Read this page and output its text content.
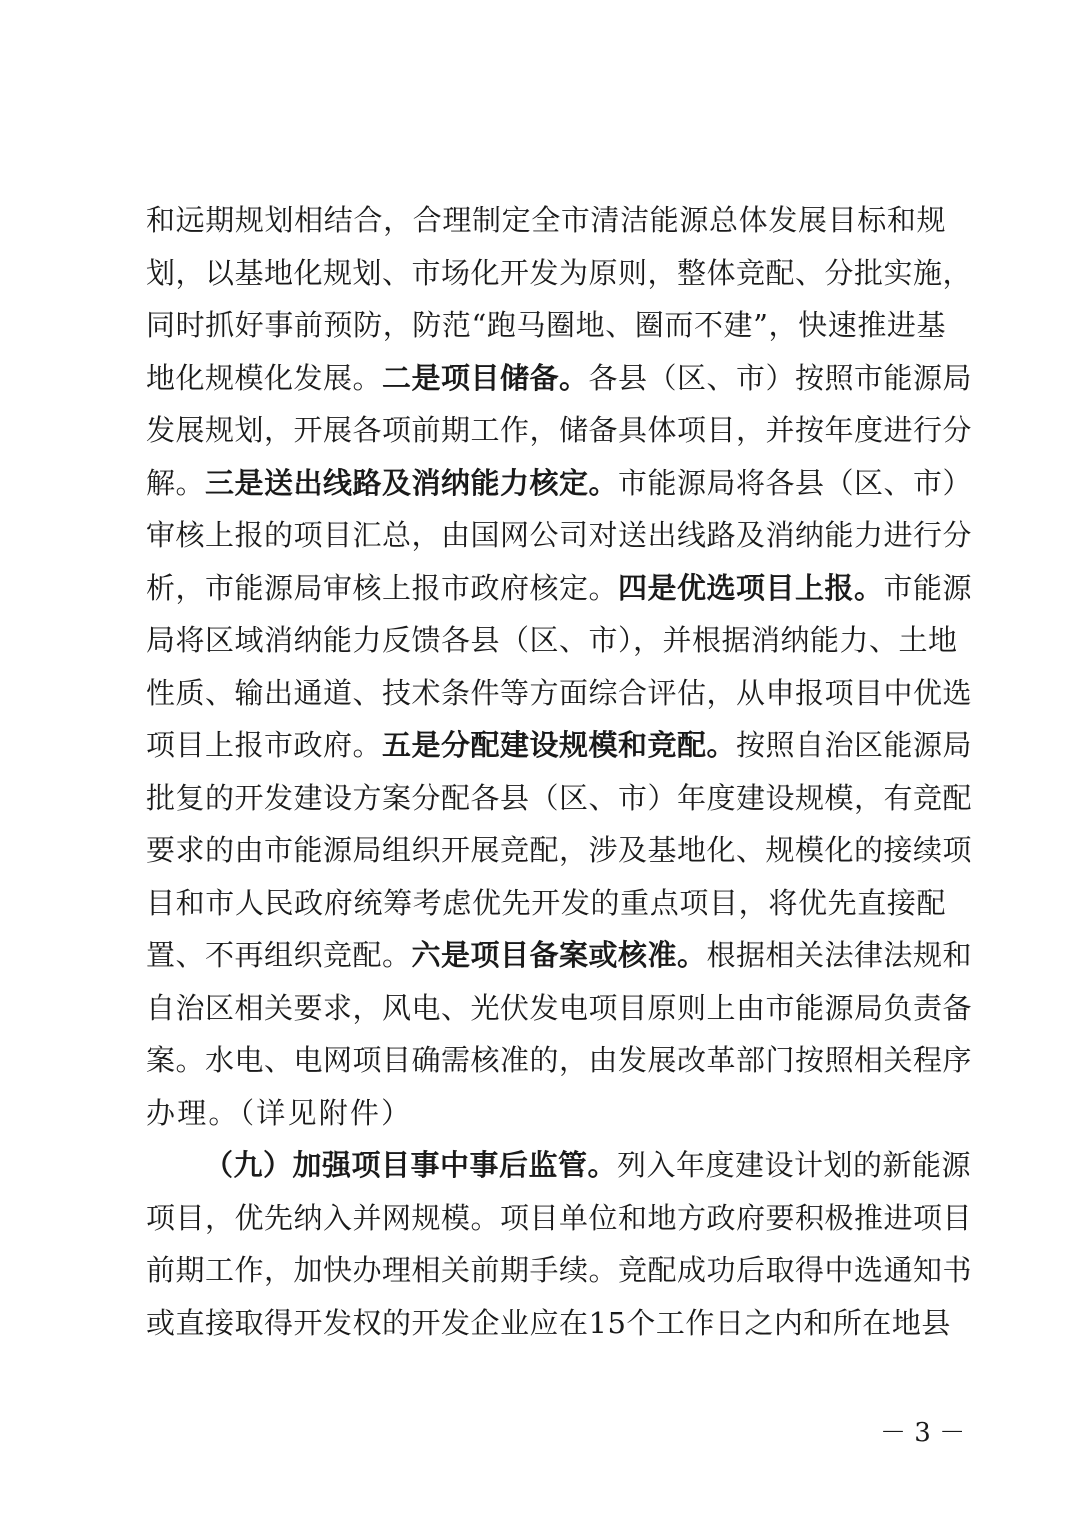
和远期规划相结合，合理制定全市清洁能源总体发展目标和规
划，以基地化规划、市场化开发为原则，整体竞配、分批实施，
同时抓好事前预防，防范“跑马圈地、圈而不建”，快速推进基
地化规模化发展。二是项目储备。各县（区、市）按照市能源局
发展规划，开展各项前期工作，储备具体项目，并按年度进行分
解。三是送出线路及消纳能力核定。市能源局将各县（区、市）
审核上报的项目汇总，由国网公司对送出线路及消纳能力进行分
析，市能源局审核上报市政府核定。四是优选项目上报。市能源
局将区域消纳能力反馈各县（区、市），并根据消纳能力、土地
性质、输出通道、技术条件等方面综合评估，从申报项目中优选
项目上报市政府。五是分配建设规模和竞配。按照自治区能源局
批复的开发建设方案分配各县（区、市）年度建设规模，有竞配
要求的由市能源局组织开展竞配，涉及基地化、规模化的接续项
目和市人民政府统筹考虑优先开发的重点项目，将优先直接配
置、不再组织竞配。六是项目备案或核准。根据相关法律法规和
自治区相关要求，风电、光伏发电项目原则上由市能源局负责备
案。水电、电网项目确需核准的，由发展改革部门按照相关程序
办理。（详见附件）
（九）加强项目事中事后监管。列入年度建设计划的新能源
项目，优先纳入并网规模。项目单位和地方政府要积极推进项目
前期工作，加快办理相关前期手续。竞配成功后取得中选通知书
或直接取得开发权的开发企业应在15个工作日之内和所在地县
－ 3 －
